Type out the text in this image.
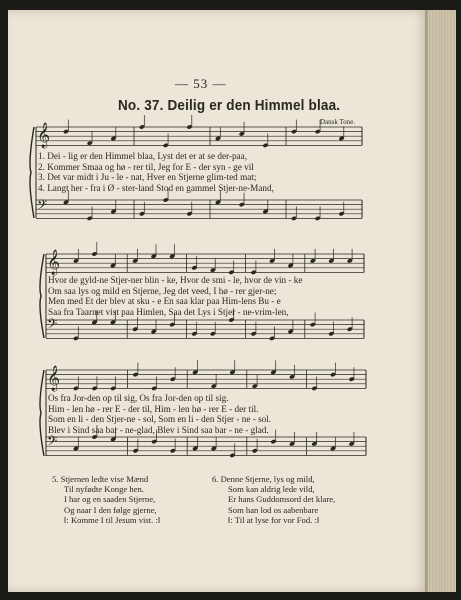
— 53 —
No. 37. Deilig er den Himmel blaa.
Dansk Tone.
𝄞
𝄢
𝄞
𝄢
𝄞
𝄢
1. Dei - lig er den Himmel blaa, Lyst det er at se der-paa,
2. Kommer Smaa og hø - rer til, Jeg for E - der syn - ge vil
3. Det var midt i Ju - le - nat, Hver en Stjerne glim-ted mat;
4. Langt her - fra i Ø - ster-land Stod en gammel Stjer-ne-Mand,
Hvor de gyld-ne Stjer-ner blin - ke, Hvor de smi - le, hvor de vin - ke
Om saa lys og mild en Stjerne, Jeg det veed, I hø - rer gjer-ne;
Men med Et der blev at sku - e En saa klar paa Him-lens Bu - e
Saa fra Taarnet vist paa Himlen, Saa det Lys i Stjer - ne-vrim-len,
Os fra Jor-den op til sig, Os fra Jor-den op til sig.
Him - len hø - rer E - der til, Him - len hø - rer E - der til.
Som en li - den Stjer-ne - sol, Som en li - den Stjer - ne - sol.
Blev i Sind saa bar - ne-glad, Blev i Sind saa bar - ne - glad.
5. Stjernen ledte vise Mænd
Til nyfødte Konge hen.
I har og en saaden Stjerne,
Og naar I den følge gjerne,
‖: Komme I til Jesum vist. :‖
6. Denne Stjerne, lys og mild,
Som kan aldrig lede vild,
Er hans Guddomsord det klare,
Som han lod os aabenbare
‖: Til at lyse for vor Fod. :‖
